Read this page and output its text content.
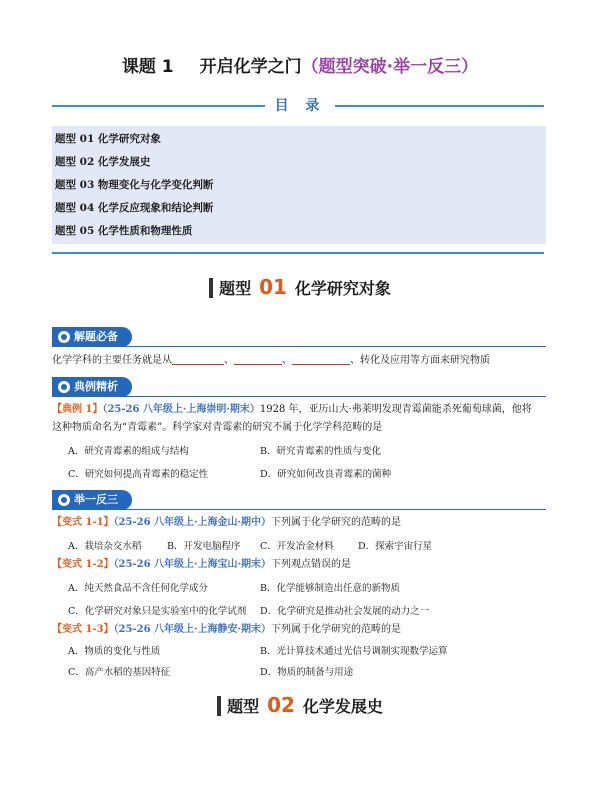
课题 1 开启化学之门（题型突破·举一反三）
目 录
题型 01 化学研究对象
题型 02 化学发展史
题型 03 物理变化与化学变化判断
题型 04 化学反应现象和结论判断
题型 05 化学性质和物理性质
题型 01 化学研究对象
解题必备
化学学科的主要任务就是从	、	、	、转化及应用等方面来研究物质
典例精析
【典例 1】（25-26 八年级上·上海崇明·期末）1928 年，亚历山大·弗莱明发现青霉菌能杀死葡萄球菌，他将
这种物质命名为“青霉素”。科学家对青霉素的研究不属于化学学科范畴的是
A．研究青霉素的组成与结构	B．研究青霉素的性质与变化
C．研究如何提高青霉素的稳定性	D．研究如何改良青霉素的菌种
举一反三
【变式 1-1】（25-26 八年级上·上海金山·期中）下列属于化学研究的范畴的是
A．栽培杂交水稻	B．开发电脑程序 C．开发冶金材料	D．探索宇宙行星
【变式 1-2】（25-26 八年级上·上海宝山·期末）下列观点错误的是
A．纯天然食品不含任何化学成分	B．化学能够制造出任意的新物质
C．化学研究对象只是实验室中的化学试剂 D．化学研究是推动社会发展的动力之一
【变式 1-3】（25-26 八年级上·上海静安·期末）下列属于化学研究的范畴的是
A．物质的变化与性质	B．光计算技术通过光信号调制实现数学运算
C．高产水稻的基因特征	D．物质的制备与用途
题型 02 化学发展史
